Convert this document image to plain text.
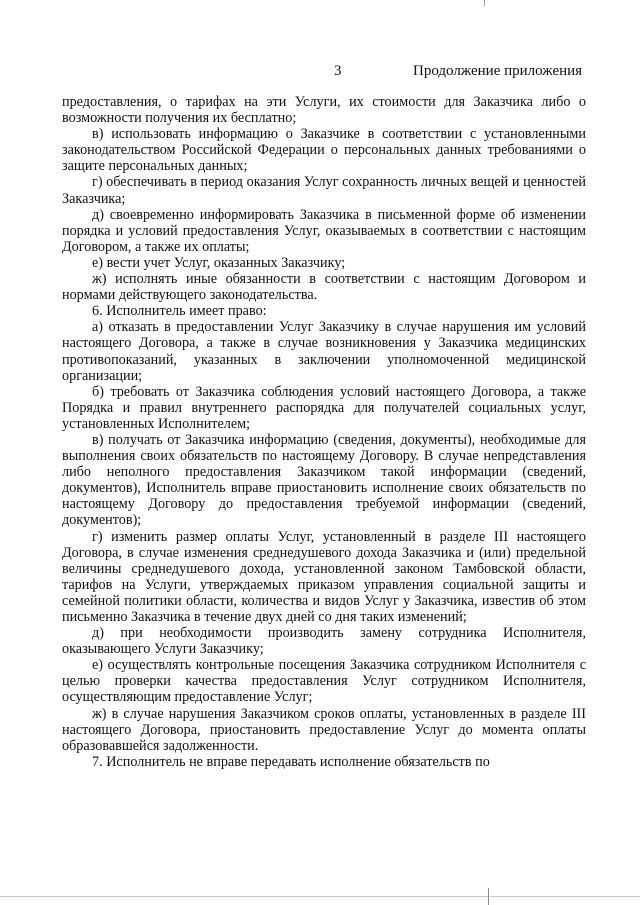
3	Продолжение приложения

предоставления, о тарифах на эти Услуги, их стоимости для Заказчика либо о возможности получения их бесплатно;

в) использовать информацию о Заказчике в соответствии с установленными законодательством Российской Федерации о персональных данных требованиями о защите персональных данных;

г) обеспечивать в период оказания Услуг сохранность личных вещей и ценностей Заказчика;

д) своевременно информировать Заказчика в письменной форме об изменении порядка и условий предоставления Услуг, оказываемых в соответствии с настоящим Договором, а также их оплаты;

е) вести учет Услуг, оказанных Заказчику;

ж) исполнять иные обязанности в соответствии с настоящим Договором и нормами действующего законодательства.

6. Исполнитель имеет право:

а) отказать в предоставлении Услуг Заказчику в случае нарушения им условий настоящего Договора, а также в случае возникновения у Заказчика медицинских противопоказаний, указанных в заключении уполномоченной медицинской организации;

б) требовать от Заказчика соблюдения условий настоящего Договора, а также Порядка и правил внутреннего распорядка для получателей социальных услуг, установленных Исполнителем;

в) получать от Заказчика информацию (сведения, документы), необходимые для выполнения своих обязательств по настоящему Договору. В случае непредставления либо неполного предоставления Заказчиком такой информации (сведений, документов), Исполнитель вправе приостановить исполнение своих обязательств по настоящему Договору до предоставления требуемой информации (сведений, документов);

г) изменить размер оплаты Услуг, установленный в разделе III настоящего Договора, в случае изменения среднедушевого дохода Заказчика и (или) предельной величины среднедушевого дохода, установленной законом Тамбовской области, тарифов на Услуги, утверждаемых приказом управления социальной защиты и семейной политики области, количества и видов Услуг у Заказчика, известив об этом письменно Заказчика в течение двух дней со дня таких изменений;

д) при необходимости производить замену сотрудника Исполнителя, оказывающего Услуги Заказчику;

е) осуществлять контрольные посещения Заказчика сотрудником Исполнителя с целью проверки качества предоставления Услуг сотрудником Исполнителя, осуществляющим предоставление Услуг;

ж) в случае нарушения Заказчиком сроков оплаты, установленных в разделе III настоящего Договора, приостановить предоставление Услуг до момента оплаты образовавшейся задолженности.

7. Исполнитель не вправе передавать исполнение обязательств по
